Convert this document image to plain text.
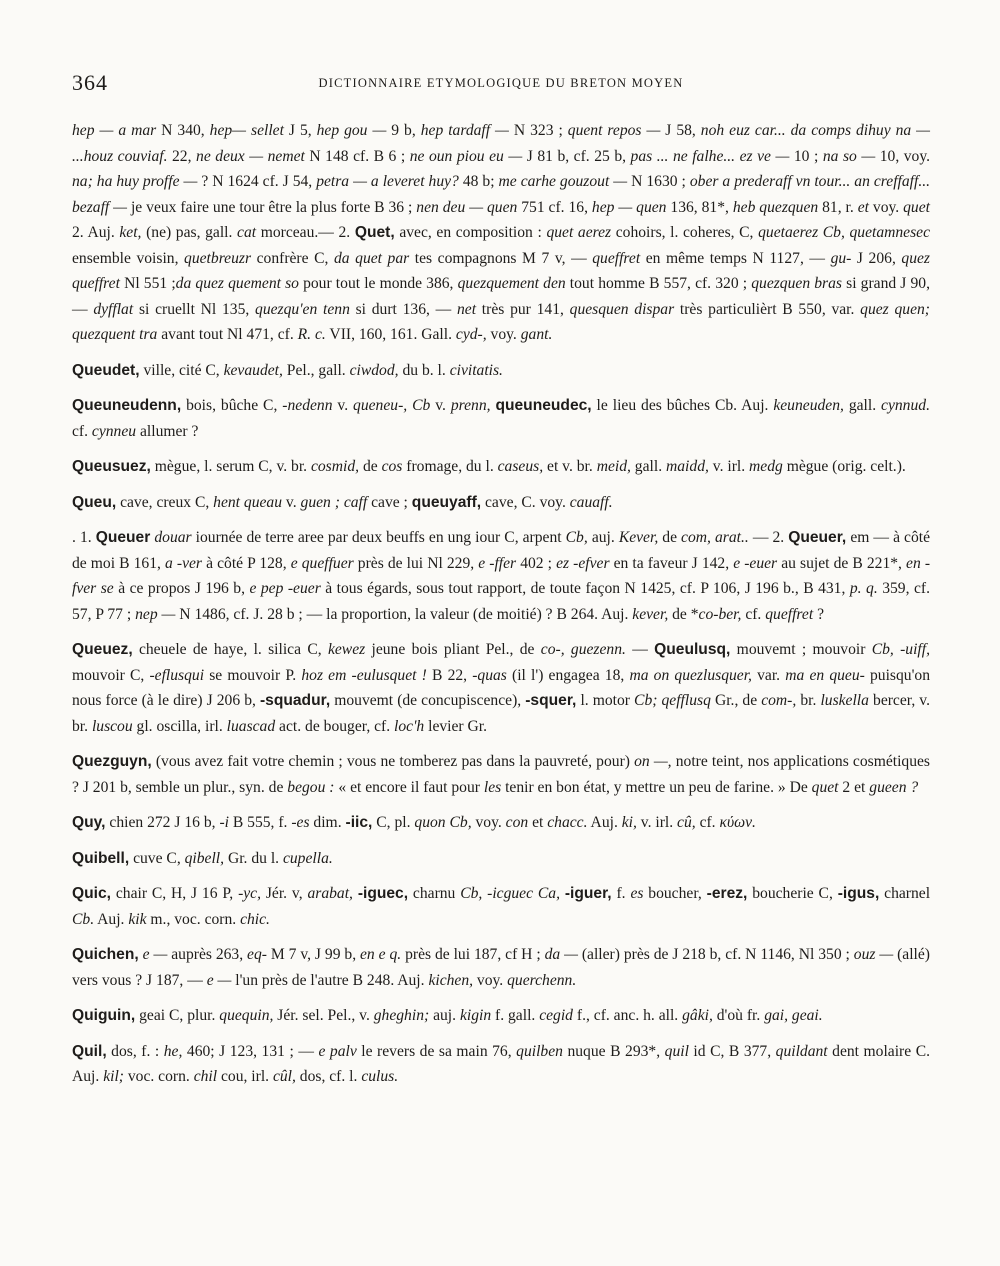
364	DICTIONNAIRE ETYMOLOGIQUE DU BRETON MOYEN

hep — a mar N 340, hep— sellet J 5, hep gou — 9 b, hep tardaff — N 323 ; quent repos — J 58, noh euz car... da comps dihuy na — ...houz couviaf. 22, ne deux — nemet N 148 cf. B 6 ; ne oun piou eu — J 81 b, cf. 25 b, pas ... ne falhe... ez ve — 10 ; na so — 10, voy. na; ha huy proffe — ? N 1624 cf. J 54, petra — a leveret huy? 48 b; me carhe gouzout — N 1630 ; ober a prederaff vn tour... an creffaff... bezaff — je veux faire une tour être la plus forte B 36 ; nen deu — quen 751 cf. 16, hep — quen 136, 81*, heb quezquen 81, r. et voy. quet 2. Auj. ket, (ne) pas, gall. cat morceau.— 2. Quet, avec, en composition : quet aerez cohoirs, l. coheres, C, quetaerez Cb, quetamnesec ensemble voisin, quetbreuzr confrère C, da quet par tes compagnons M 7 v, — queffret en même temps N 1127, — gu- J 206, quez queffret Nl 551 ;da quez quement so pour tout le monde 386, quezquement den tout homme B 557, cf. 320 ; quezquen bras si grand J 90, — dyfflat si cruellt Nl 135, quezqu'en tenn si durt 136, — net très pur 141, quesquen dispar très particulièrt B 550, var. quez quen; quezquent tra avant tout Nl 471, cf. R. c. VII, 160, 161. Gall. cyd-, voy. gant.

Queudet, ville, cité C, kevaudet, Pel., gall. ciwdod, du b. l. civitatis.

Queuneudenn, bois, bûche C, -nedenn v. queneu-, Cb v. prenn, queuneudec, le lieu des bûches Cb. Auj. keuneuden, gall. cynnud. cf. cynneu allumer ?

Queusuez, mègue, l. serum C, v. br. cosmid, de cos fromage, du l. caseus, et v. br. meid, gall. maidd, v. irl. medg mègue (orig. celt.).

Queu, cave, creux C, hent queau v. guen ; caff cave ; queuyaff, cave, C. voy. cauaff.

. 1. Queuer douar iournée de terre aree par deux beuffs en ung iour C, arpent Cb, auj. Kever, de com, arat.. — 2. Queuer, em — à côté de moi B 161, a -ver à côté P 128, e queffuer près de lui Nl 229, e -ffer 402 ; ez -efver en ta faveur J 142, e -euer au sujet de B 221*, en -fver se à ce propos J 196 b, e pep -euer à tous égards, sous tout rapport, de toute façon N 1425, cf. P 106, J 196 b., B 431, p. q. 359, cf. 57, P 77 ; nep — N 1486, cf. J. 28 b ; — la proportion, la valeur (de moitié) ? B 264. Auj. kever, de *co-ber, cf. queffret ?

Queuez, cheuele de haye, l. silica C, kewez jeune bois pliant Pel., de co-, guezenn. — Queulusq, mouvemt ; mouvoir Cb, -uiff, mouvoir C, -eflusqui se mouvoir P. hoz em -eulusquet ! B 22, -quas (il l') engagea 18, ma on quezlusquer, var. ma en queu- puisqu'on nous force (à le dire) J 206 b, -squadur, mouvemt (de concupiscence), -squer, l. motor Cb; qefflusq Gr., de com-, br. luskella bercer, v. br. luscou gl. oscilla, irl. luascad act. de bouger, cf. loc'h levier Gr.

Quezguyn, (vous avez fait votre chemin ; vous ne tomberez pas dans la pauvreté, pour) on —, notre teint, nos applications cosmétiques ? J 201 b, semble un plur., syn. de begou : « et encore il faut pour les tenir en bon état, y mettre un peu de farine. » De quet 2 et gueen ?

Quy, chien 272 J 16 b, -i B 555, f. -es dim. -iic, C, pl. quon Cb, voy. con et chacc. Auj. ki, v. irl. cû, cf. κύων.

Quibell, cuve C, qibell, Gr. du l. cupella.

Quic, chair C, H, J 16 P, -yc, Jér. v, arabat, -iguec, charnu Cb, -icguec Ca, -iguer, f. es boucher, -erez, boucherie C, -igus, charnel Cb. Auj. kik m., voc. corn. chic.

Quichen, e — auprès 263, eq- M 7 v, J 99 b, en e q. près de lui 187, cf H ; da — (aller) près de J 218 b, cf. N 1146, Nl 350 ; ouz — (allé) vers vous ? J 187, — e — l'un près de l'autre B 248. Auj. kichen, voy. querchenn.

Quiguin, geai C, plur. quequin, Jér. sel. Pel., v. gheghin; auj. kigin f. gall. cegid f., cf. anc. h. all. gâki, d'où fr. gai, geai.

Quil, dos, f. : he, 460; J 123, 131 ; — e palv le revers de sa main 76, quilben nuque B 293*, quil id C, B 377, quildant dent molaire C. Auj. kil; voc. corn. chil cou, irl. cûl, dos, cf. l. culus.
